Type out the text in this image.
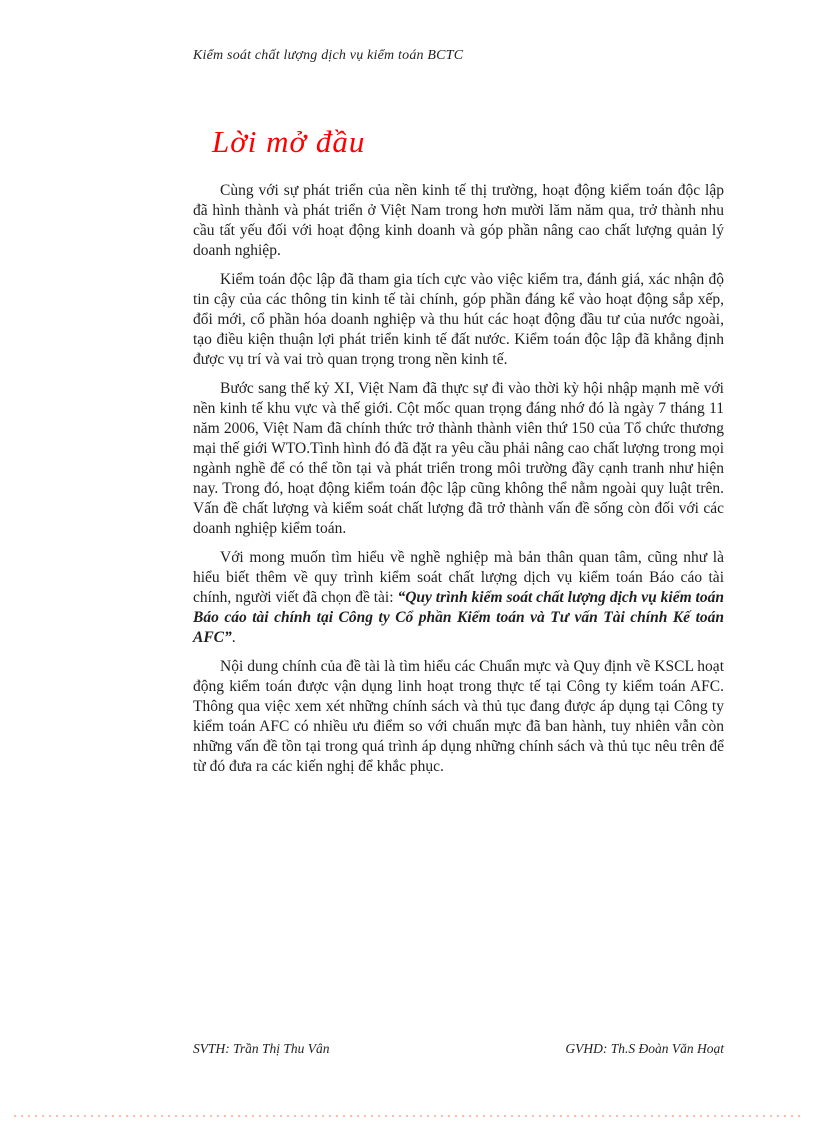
Kiểm soát chất lượng dịch vụ kiểm toán BCTC
Lời mở đầu

Cùng với sự phát triển của nền kinh tế thị trường, hoạt động kiểm toán độc lập đã hình thành và phát triển ở Việt Nam trong hơn mười lăm năm qua, trở thành nhu cầu tất yếu đối với hoạt động kinh doanh và góp phần nâng cao chất lượng quản lý doanh nghiệp.

Kiểm toán độc lập đã tham gia tích cực vào việc kiểm tra, đánh giá, xác nhận độ tin cậy của các thông tin kinh tế tài chính, góp phần đáng kể vào hoạt động sắp xếp, đổi mới, cổ phần hóa doanh nghiệp và thu hút các hoạt động đầu tư của nước ngoài, tạo điều kiện thuận lợi phát triển kinh tế đất nước. Kiểm toán độc lập đã khẳng định được vụ trí và vai trò quan trọng trong nền kinh tế.

Bước sang thế kỷ XI, Việt Nam đã thực sự đi vào thời kỳ hội nhập mạnh mẽ với nền kinh tế khu vực và thế giới. Cột mốc quan trọng đáng nhớ đó là ngày 7 tháng 11 năm 2006, Việt Nam đã chính thức trở thành thành viên thứ 150 của Tổ chức thương mại thế giới WTO.Tình hình đó đã đặt ra yêu cầu phải nâng cao chất lượng trong mọi ngành nghề để có thể tồn tại và phát triển trong môi trường đầy cạnh tranh như hiện nay. Trong đó, hoạt động kiểm toán độc lập cũng không thể nằm ngoài quy luật trên. Vấn đề chất lượng và kiểm soát chất lượng đã trở thành vấn đề sống còn đối với các doanh nghiệp kiểm toán.

Với mong muốn tìm hiểu về nghề nghiệp mà bản thân quan tâm, cũng như là hiểu biết thêm về quy trình kiểm soát chất lượng dịch vụ kiểm toán Báo cáo tài chính, người viết đã chọn đề tài: “Quy trình kiểm soát chất lượng dịch vụ kiểm toán Báo cáo tài chính tại Công ty Cổ phần Kiểm toán và Tư vấn Tài chính Kế toán AFC”.

Nội dung chính của đề tài là tìm hiểu các Chuẩn mực và Quy định về KSCL hoạt động kiểm toán được vận dụng linh hoạt trong thực tế tại Công ty kiểm toán AFC. Thông qua việc xem xét những chính sách và thủ tục đang được áp dụng tại Công ty kiểm toán AFC có nhiều ưu điểm so với chuẩn mực đã ban hành, tuy nhiên vẫn còn những vấn đề tồn tại trong quá trình áp dụng những chính sách và thủ tục nêu trên để từ đó đưa ra các kiến nghị để khắc phục.

SVTH: Trần Thị Thu Vân	GVHD: Th.S Đoàn Văn Hoạt
